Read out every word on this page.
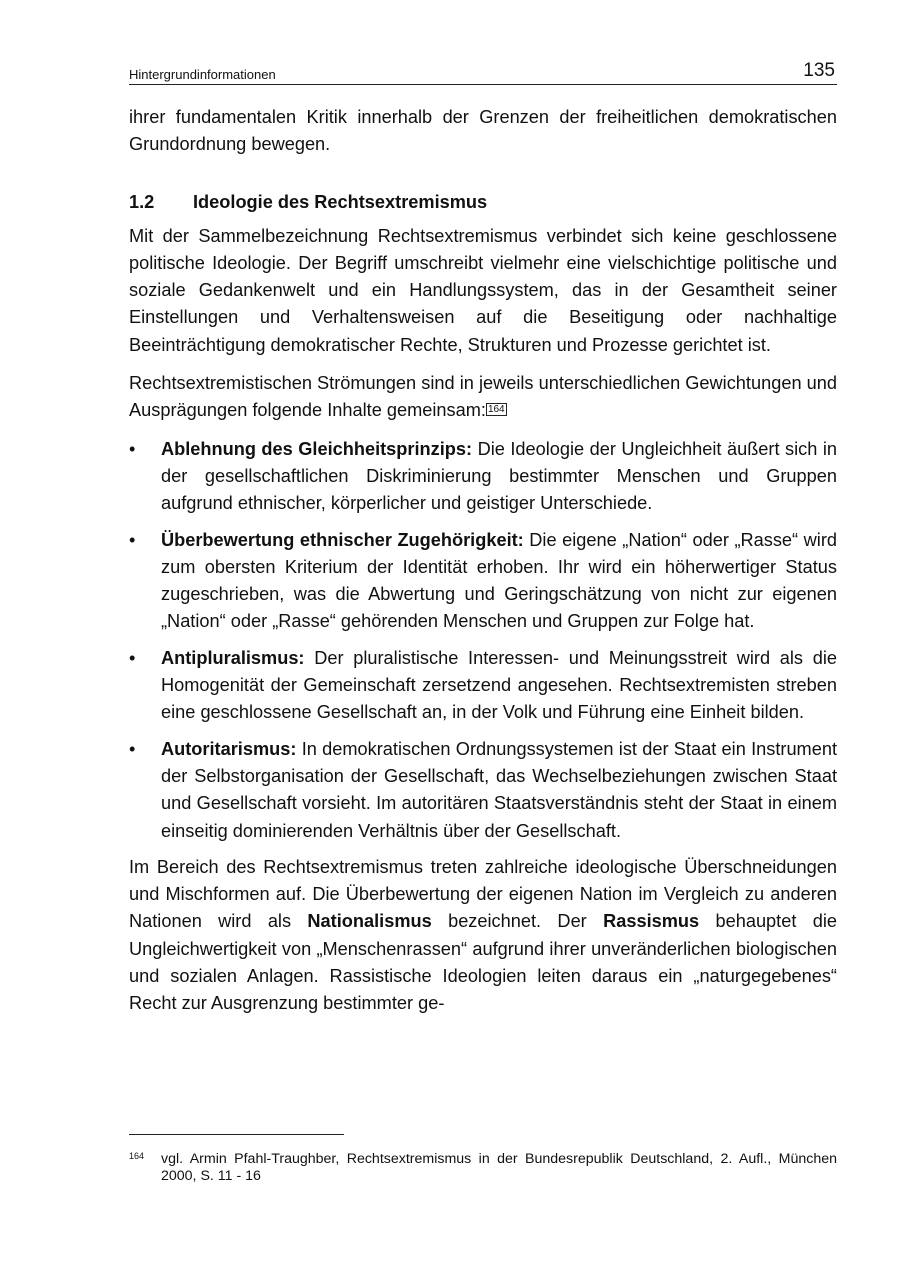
Hintergrundinformationen	135

ihrer fundamentalen Kritik innerhalb der Grenzen der freiheitlichen demokratischen Grundordnung bewegen.

1.2 Ideologie des Rechtsextremismus

Mit der Sammelbezeichnung Rechtsextremismus verbindet sich keine geschlossene politische Ideologie. Der Begriff umschreibt vielmehr eine vielschichtige politische und soziale Gedankenwelt und ein Handlungssystem, das in der Gesamtheit seiner Einstellungen und Verhaltensweisen auf die Beseitigung oder nachhaltige Beeinträchtigung demokratischer Rechte, Strukturen und Prozesse gerichtet ist.

Rechtsextremistischen Strömungen sind in jeweils unterschiedlichen Gewichtungen und Ausprägungen folgende Inhalte gemeinsam: $^{164}$

• Ablehnung des Gleichheitsprinzips: Die Ideologie der Ungleichheit äußert sich in der gesellschaftlichen Diskriminierung bestimmter Menschen und Gruppen aufgrund ethnischer, körperlicher und geistiger Unterschiede.

• Überbewertung ethnischer Zugehörigkeit: Die eigene „Nation“ oder „Rasse“ wird zum obersten Kriterium der Identität erhoben. Ihr wird ein höherwertiger Status zugeschrieben, was die Abwertung und Geringschätzung von nicht zur eigenen „Nation“ oder „Rasse“ gehörenden Menschen und Gruppen zur Folge hat.

• Antipluralismus: Der pluralistische Interessen- und Meinungsstreit wird als die Homogenität der Gemeinschaft zersetzend angesehen. Rechtsextremisten streben eine geschlossene Gesellschaft an, in der Volk und Führung eine Einheit bilden.

• Autoritarismus: In demokratischen Ordnungssystemen ist der Staat ein Instrument der Selbstorganisation der Gesellschaft, das Wechselbeziehungen zwischen Staat und Gesellschaft vorsieht. Im autoritären Staatsverständnis steht der Staat in einem einseitig dominierenden Verhältnis über der Gesellschaft.

Im Bereich des Rechtsextremismus treten zahlreiche ideologische Überschneidungen und Mischformen auf. Die Überbewertung der eigenen Nation im Vergleich zu anderen Nationen wird als Nationalismus bezeichnet. Der Rassismus behauptet die Ungleichwertigkeit von „Menschenrassen“ aufgrund ihrer unveränderlichen biologischen und sozialen Anlagen. Rassistische Ideologien leiten daraus ein „naturgegebenes“ Recht zur Ausgrenzung bestimmter ge-

164 vgl. Armin Pfahl-Traughber, Rechtsextremismus in der Bundesrepublik Deutschland, 2. Aufl., München 2000, S. 11 - 16
